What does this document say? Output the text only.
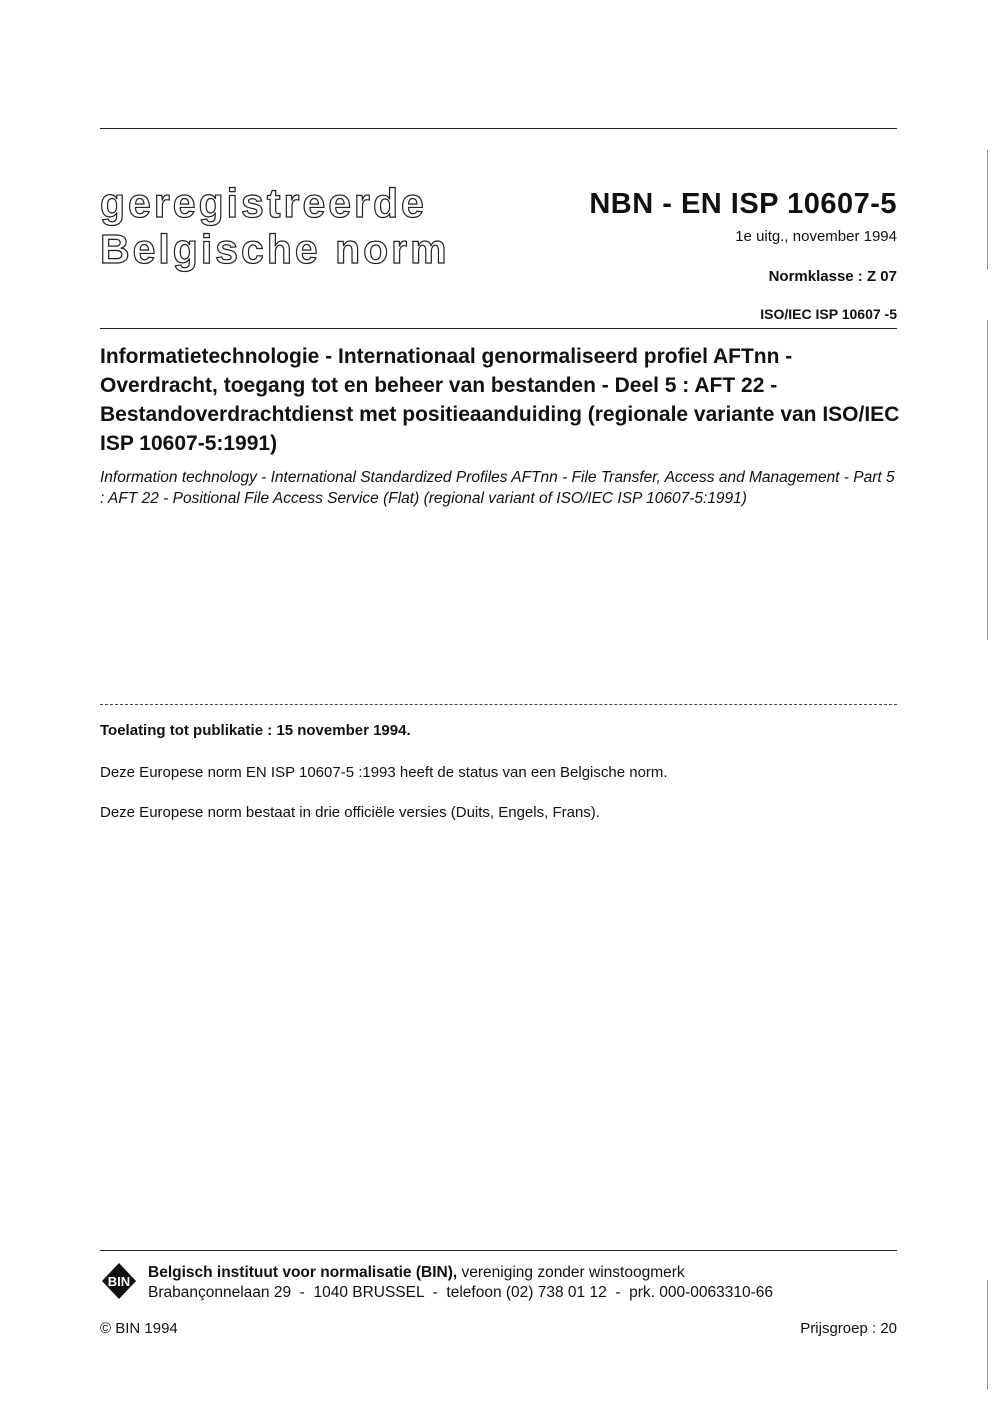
geregistreerde
Belgische norm
NBN - EN ISP 10607-5
1e uitg., november 1994
Normklasse : Z 07
ISO/IEC ISP 10607 -5
Informatietechnologie - Internationaal genormaliseerd profiel AFTnn - Overdracht, toegang tot en beheer van bestanden - Deel 5 : AFT 22 - Bestandoverdrachtdienst met positieaanduiding (regionale variante van ISO/IEC ISP 10607-5:1991)
Information technology - International Standardized Profiles AFTnn - File Transfer, Access and Management - Part 5 : AFT 22 - Positional File Access Service (Flat) (regional variant of ISO/IEC ISP 10607-5:1991)
Toelating tot publikatie : 15 november 1994.
Deze Europese norm EN ISP 10607-5 :1993 heeft de status van een Belgische norm.
Deze Europese norm bestaat in drie officiële versies (Duits, Engels, Frans).
BIN
Belgisch instituut voor normalisatie (BIN), vereniging zonder winstoogmerk
Brabançonnelaan 29  -  1040 BRUSSEL  -  telefoon (02) 738 01 12  -  prk. 000-0063310-66
© BIN 1994	Prijsgroep : 20
